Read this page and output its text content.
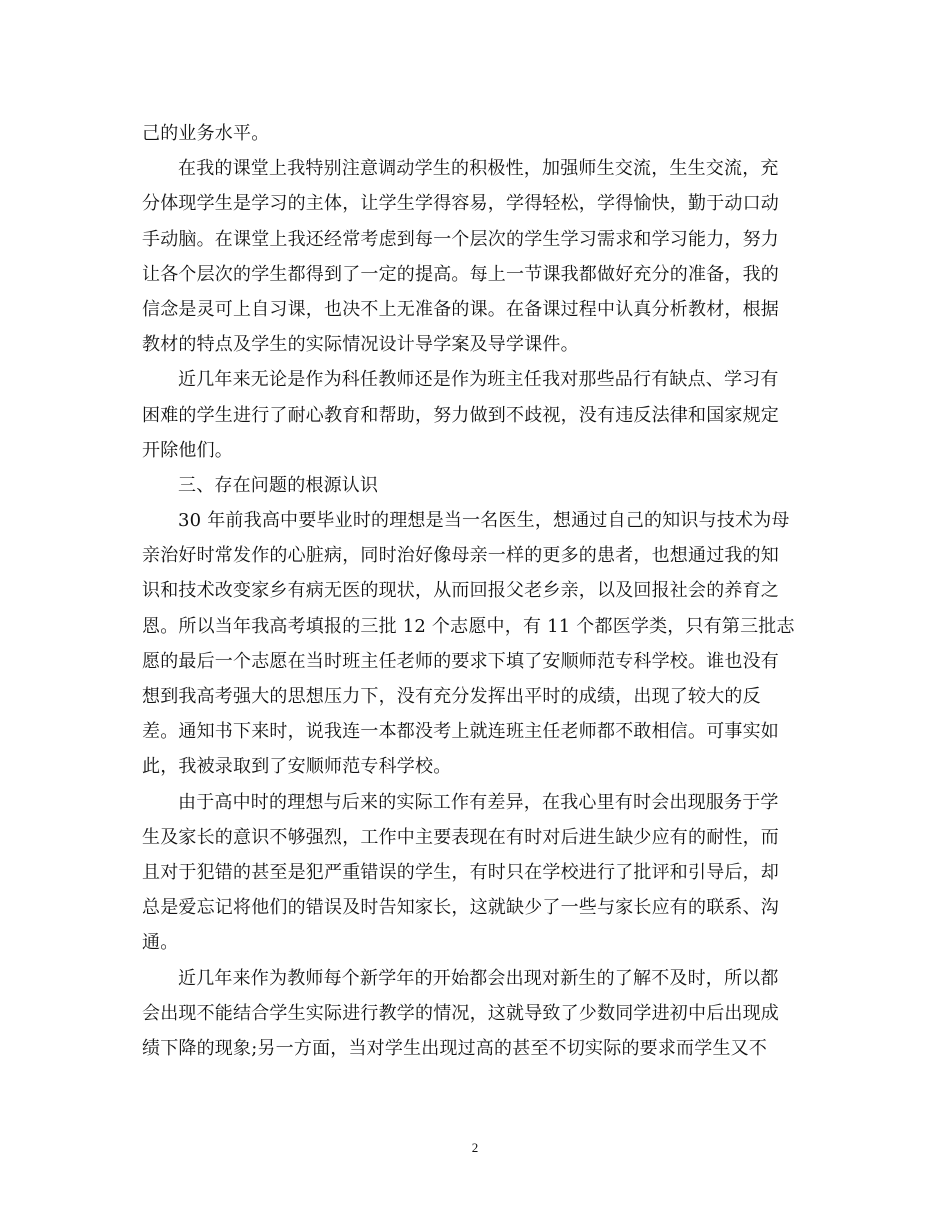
己的业务水平。
在我的课堂上我特别注意调动学生的积极性，加强师生交流，生生交流，充
分体现学生是学习的主体，让学生学得容易，学得轻松，学得愉快，勤于动口动
手动脑。在课堂上我还经常考虑到每一个层次的学生学习需求和学习能力，努力
让各个层次的学生都得到了一定的提高。每上一节课我都做好充分的准备，我的
信念是灵可上自习课，也决不上无准备的课。在备课过程中认真分析教材，根据
教材的特点及学生的实际情况设计导学案及导学课件。
近几年来无论是作为科任教师还是作为班主任我对那些品行有缺点、学习有
困难的学生进行了耐心教育和帮助，努力做到不歧视，没有违反法律和国家规定
开除他们。
三、存在问题的根源认识
30 年前我高中要毕业时的理想是当一名医生，想通过自己的知识与技术为母
亲治好时常发作的心脏病，同时治好像母亲一样的更多的患者，也想通过我的知
识和技术改变家乡有病无医的现状，从而回报父老乡亲，以及回报社会的养育之
恩。所以当年我高考填报的三批 12 个志愿中，有 11 个都医学类，只有第三批志
愿的最后一个志愿在当时班主任老师的要求下填了安顺师范专科学校。谁也没有
想到我高考强大的思想压力下，没有充分发挥出平时的成绩，出现了较大的反
差。通知书下来时，说我连一本都没考上就连班主任老师都不敢相信。可事实如
此，我被录取到了安顺师范专科学校。
由于高中时的理想与后来的实际工作有差异，在我心里有时会出现服务于学
生及家长的意识不够强烈，工作中主要表现在有时对后进生缺少应有的耐性，而
且对于犯错的甚至是犯严重错误的学生，有时只在学校进行了批评和引导后，却
总是爱忘记将他们的错误及时告知家长，这就缺少了一些与家长应有的联系、沟
通。
近几年来作为教师每个新学年的开始都会出现对新生的了解不及时，所以都
会出现不能结合学生实际进行教学的情况，这就导致了少数同学进初中后出现成
绩下降的现象;另一方面，当对学生出现过高的甚至不切实际的要求而学生又不
2
